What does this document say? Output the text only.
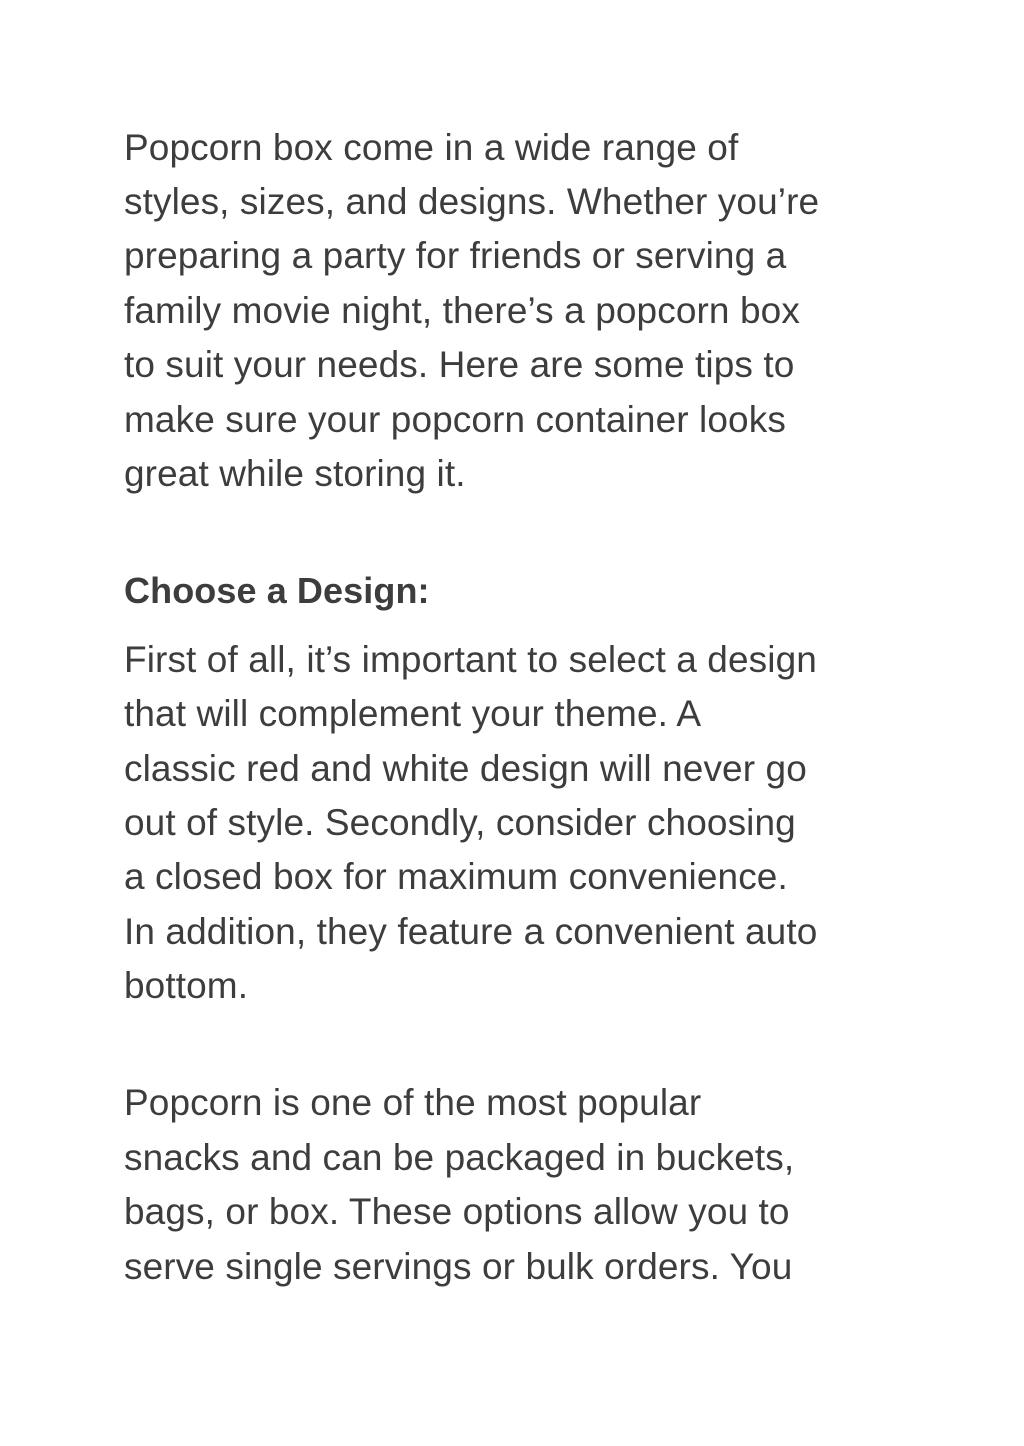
Popcorn box come in a wide range of
styles, sizes, and designs. Whether you’re
preparing a party for friends or serving a
family movie night, there’s a popcorn box
to suit your needs. Here are some tips to
make sure your popcorn container looks
great while storing it.
Choose a Design:
First of all, it’s important to select a design
that will complement your theme. A
classic red and white design will never go
out of style. Secondly, consider choosing
a closed box for maximum convenience.
In addition, they feature a convenient auto
bottom.
Popcorn is one of the most popular
snacks and can be packaged in buckets,
bags, or box. These options allow you to
serve single servings or bulk orders. You
